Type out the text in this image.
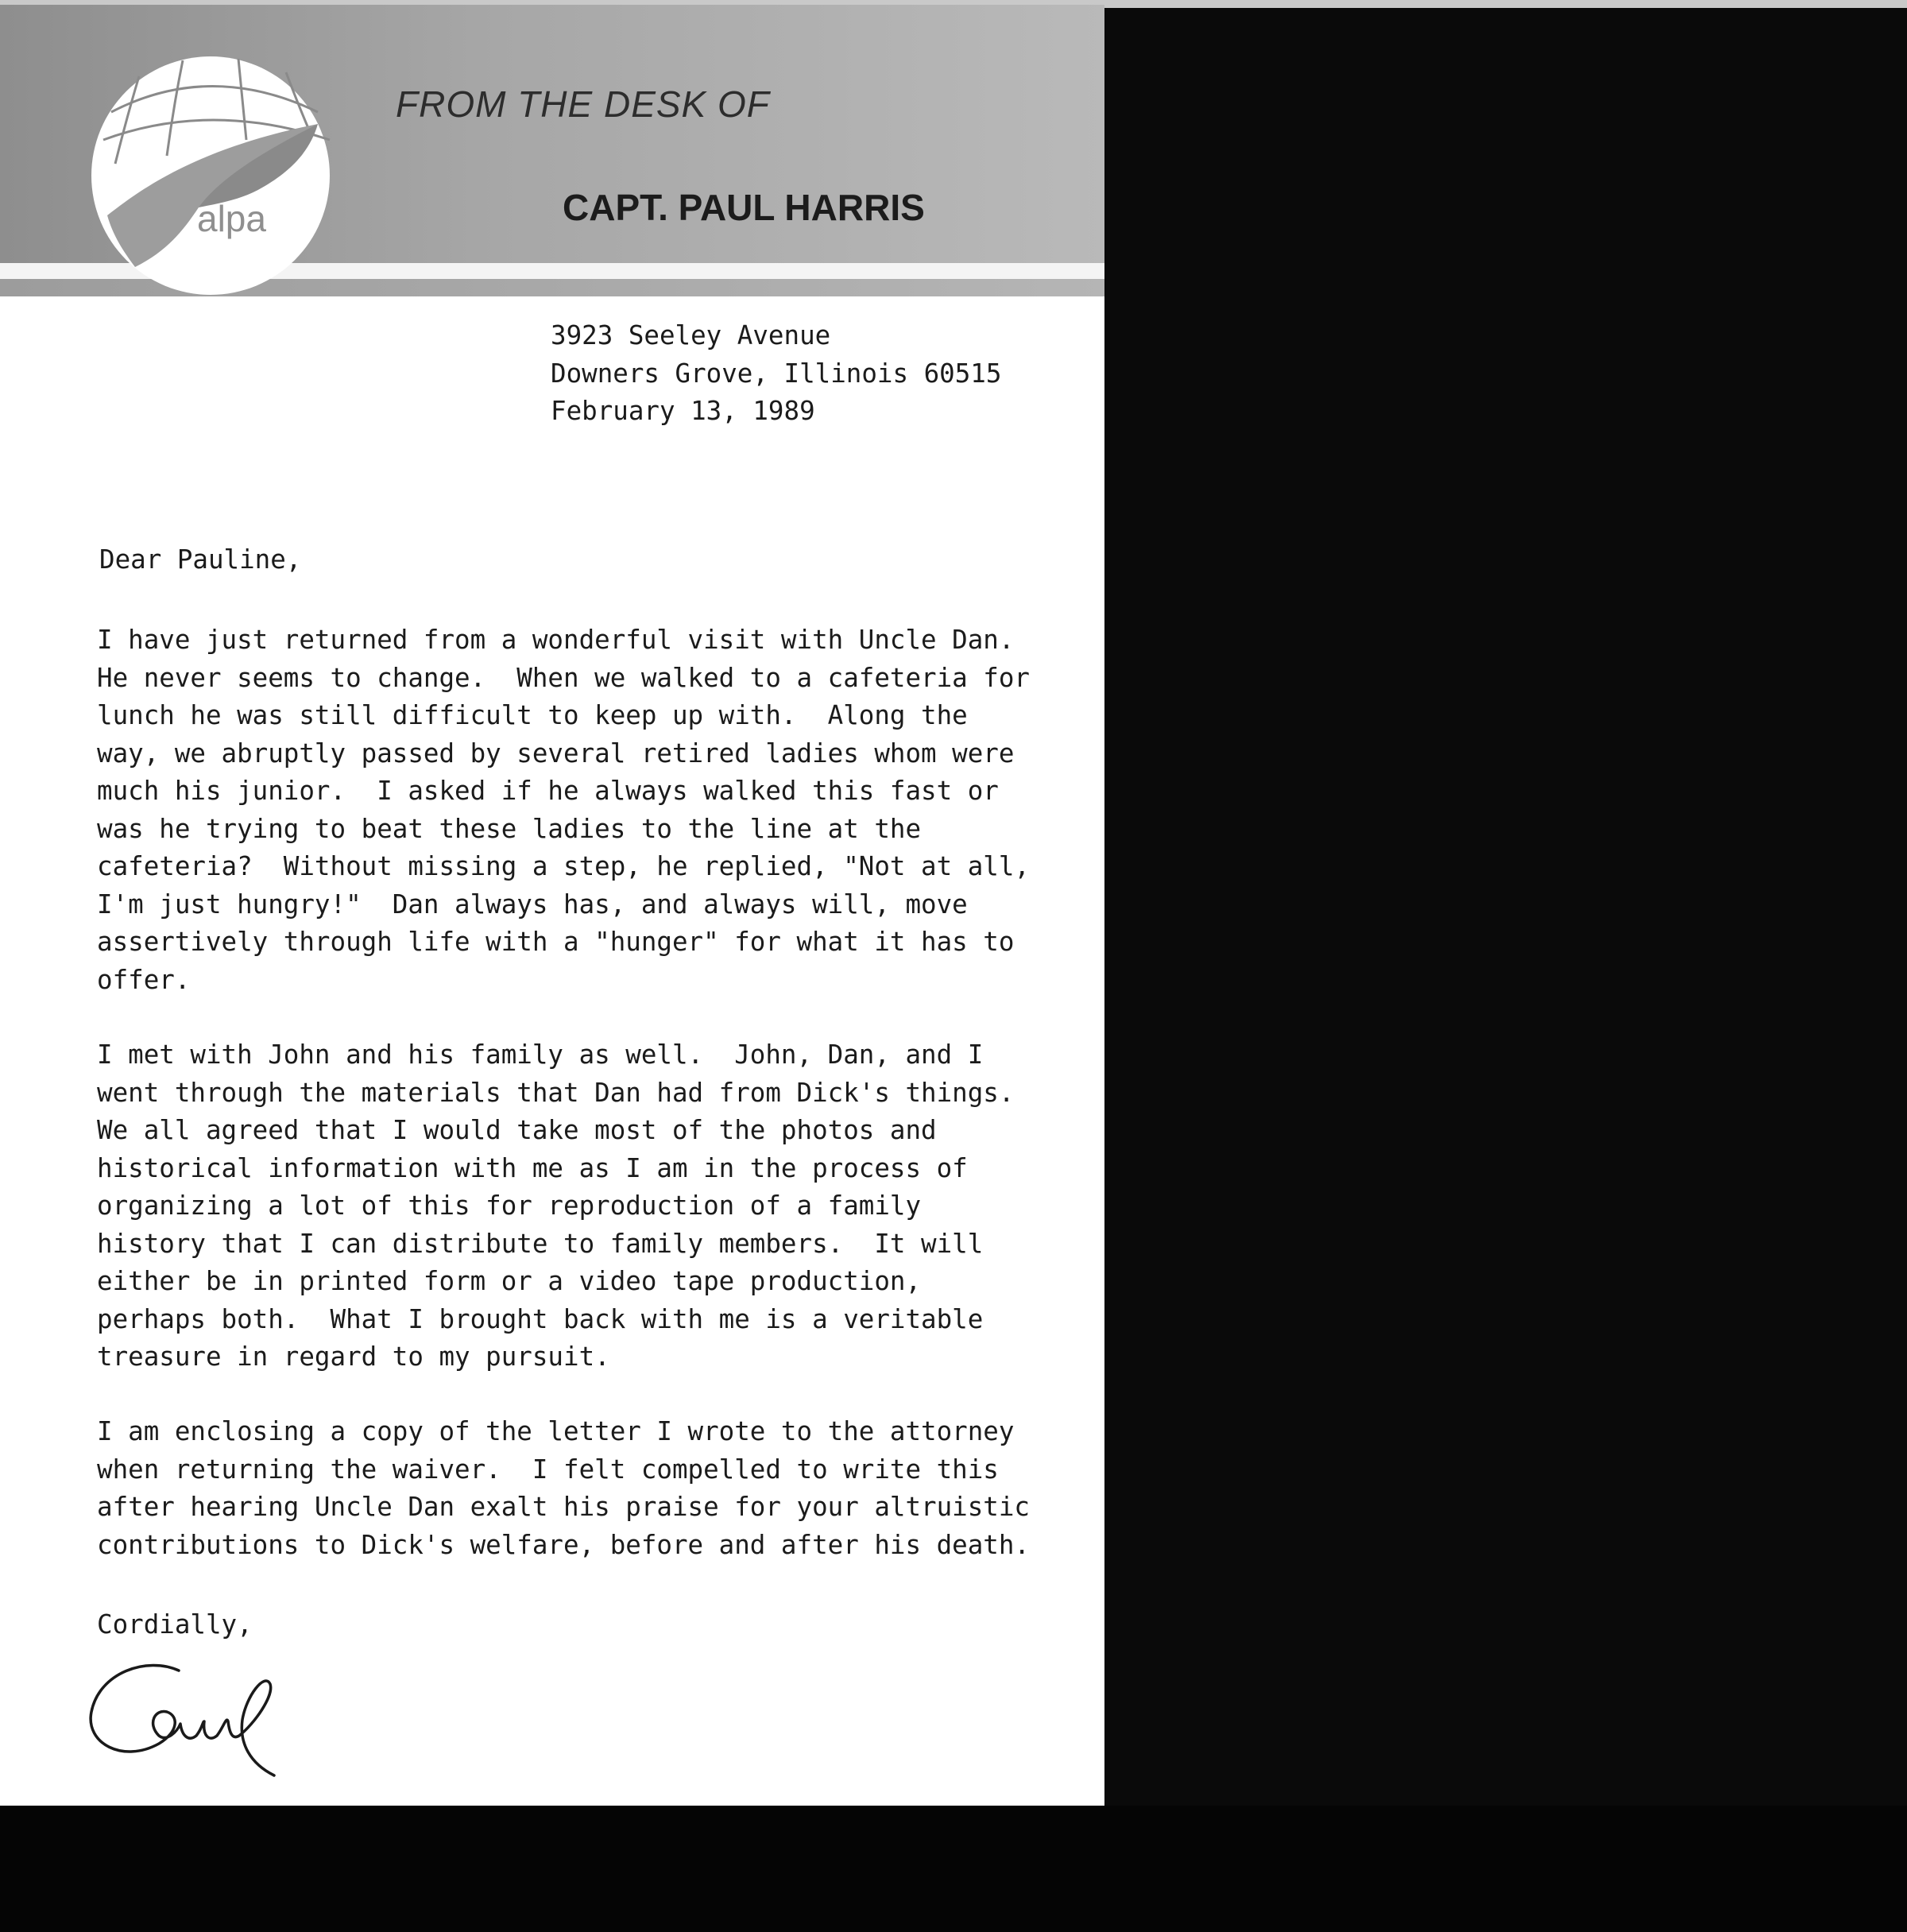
alpa
FROM THE DESK OF
CAPT. PAUL HARRIS
3923 Seeley Avenue
Downers Grove, Illinois 60515
February 13, 1989
Dear Pauline,
I have just returned from a wonderful visit with Uncle Dan.
He never seems to change.  When we walked to a cafeteria for
lunch he was still difficult to keep up with.  Along the
way, we abruptly passed by several retired ladies whom were
much his junior.  I asked if he always walked this fast or
was he trying to beat these ladies to the line at the
cafeteria?  Without missing a step, he replied, "Not at all,
I'm just hungry!"  Dan always has, and always will, move
assertively through life with a "hunger" for what it has to
offer.
I met with John and his family as well.  John, Dan, and I
went through the materials that Dan had from Dick's things.
We all agreed that I would take most of the photos and
historical information with me as I am in the process of
organizing a lot of this for reproduction of a family
history that I can distribute to family members.  It will
either be in printed form or a video tape production,
perhaps both.  What I brought back with me is a veritable
treasure in regard to my pursuit.
I am enclosing a copy of the letter I wrote to the attorney
when returning the waiver.  I felt compelled to write this
after hearing Uncle Dan exalt his praise for your altruistic
contributions to Dick's welfare, before and after his death.
Cordially,
